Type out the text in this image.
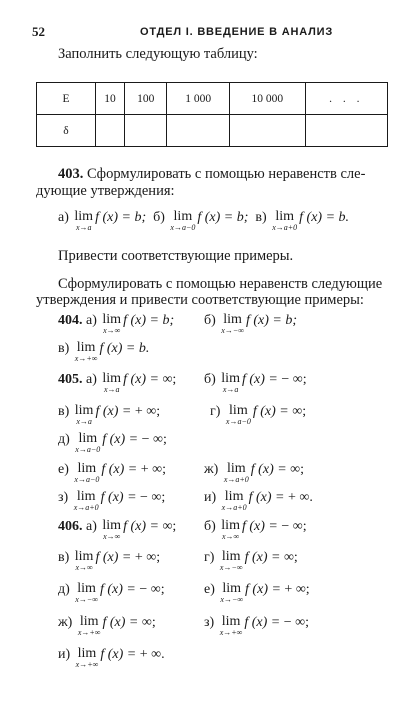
52	ОТДЕЛ I. ВВЕДЕНИЕ В АНАЛИЗ
Заполнить следующую таблицу:
E	10	100	1 000	10 000	. . .
δ					
403. Сформулировать с помощью неравенств сле-
дующие утверждения:
а) lim
x→a
f (x) = b; б) lim
x→a−0
f (x) = b; в) lim
x→a+0
f (x) = b.
Привести соответствующие примеры.
Сформулировать с помощью неравенств следующие
утверждения и привести соответствующие примеры:
404. а) lim
x→∞
f (x) = b; б) lim
x→−∞
f (x) = b;
в) lim
x→+∞
f (x) = b.
405. а) lim
x→a
f (x) = ∞; б) lim
x→a
f (x) = − ∞;
в) lim
x→a
f (x) = + ∞;	г) lim
x→a−0
f (x) = ∞;
д) lim
x→a−0
f (x) = − ∞;
е) lim
x→a−0
f (x) = + ∞;	ж) lim
x→a+0
f (x) = ∞;
з) lim
x→a+0
f (x) = − ∞;	и) lim
x→a+0
f (x) = + ∞.
406. а) lim
x→∞
f (x) = ∞; б) lim
x→∞
f (x) = − ∞;
в) lim
x→∞
f (x) = + ∞;	г) lim
x→−∞
f (x) = ∞;
д) lim
x→−∞
f (x) = − ∞;	е) lim
x→−∞
f (x) = + ∞;
ж) lim
x→+∞
f (x) = ∞;	з) lim
x→+∞
f (x) = − ∞;
и) lim
x→+∞
f (x) = + ∞.
